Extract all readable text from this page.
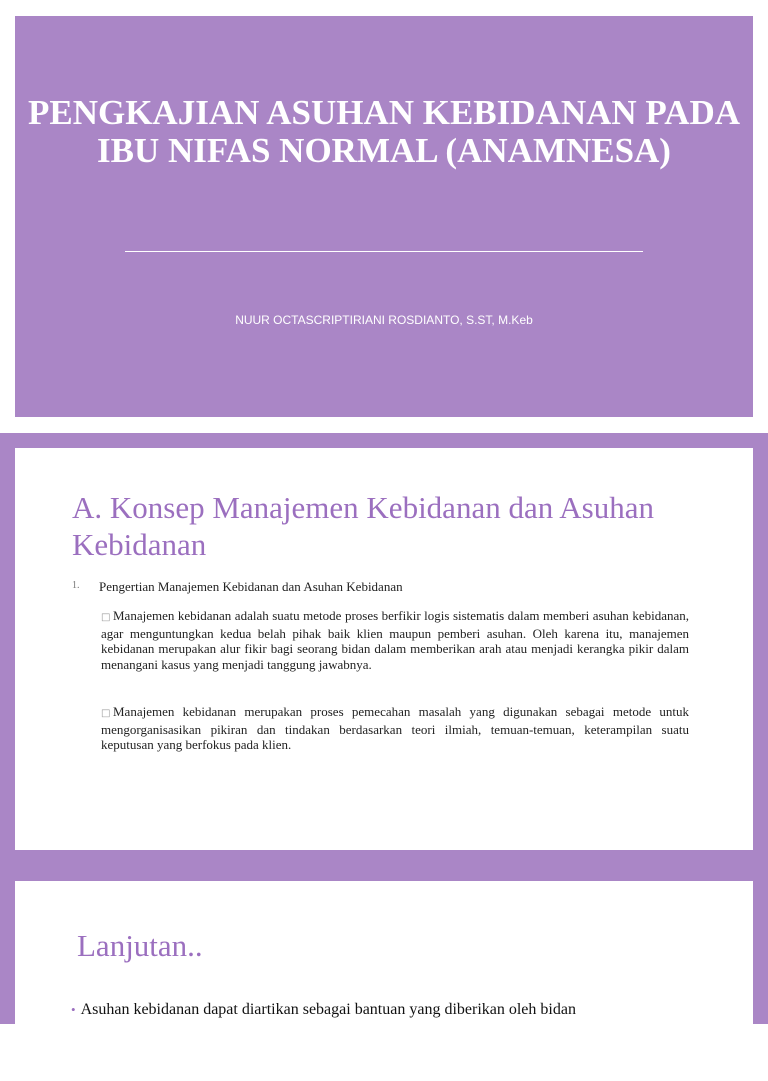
PENGKAJIAN ASUHAN KEBIDANAN PADA IBU NIFAS NORMAL (ANAMNESA)
NUUR OCTASCRIPTIRIANI ROSDIANTO, S.ST, M.Keb
A. Konsep Manajemen Kebidanan dan Asuhan Kebidanan
1. Pengertian Manajemen Kebidanan dan Asuhan Kebidanan
□ Manajemen kebidanan adalah suatu metode proses berfikir logis sistematis dalam memberi asuhan kebidanan, agar menguntungkan kedua belah pihak baik klien maupun pemberi asuhan. Oleh karena itu, manajemen kebidanan merupakan alur fikir bagi seorang bidan dalam memberikan arah atau menjadi kerangka pikir dalam menangani kasus yang menjadi tanggung jawabnya.
□ Manajemen kebidanan merupakan proses pemecahan masalah yang digunakan sebagai metode untuk mengorganisasikan pikiran dan tindakan berdasarkan teori ilmiah, temuan-temuan, keterampilan suatu keputusan yang berfokus pada klien.
Lanjutan..
• Asuhan kebidanan dapat diartikan sebagai bantuan yang diberikan oleh bidan
